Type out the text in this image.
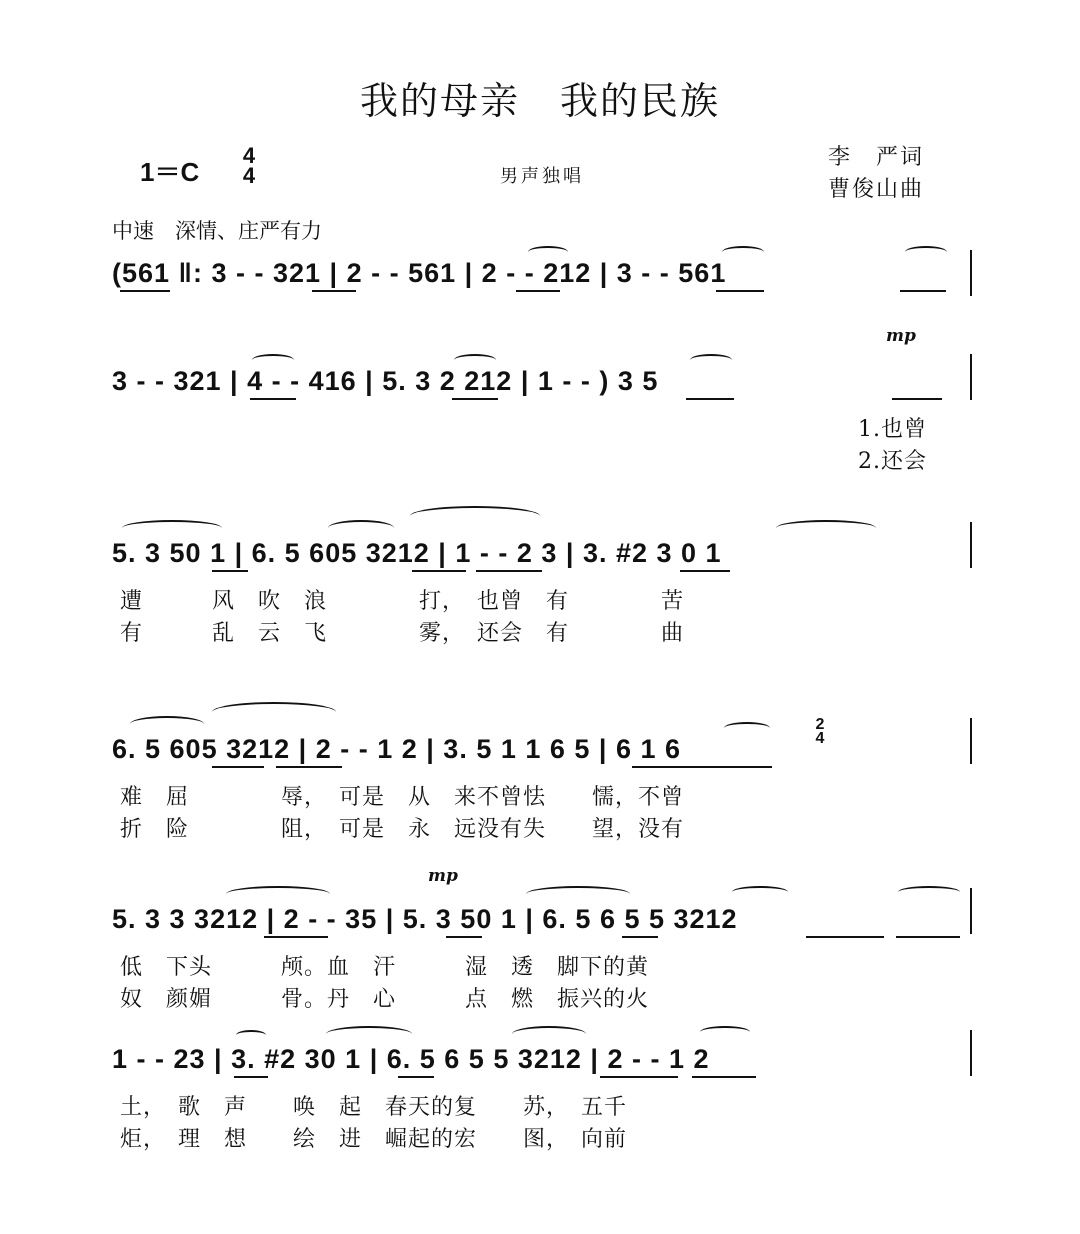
我的母亲　我的民族
1＝C
4
4	男声独唱
李　严词
曹俊山曲
中速　深情、庄严有力
(561 ‖: 3 - - 321 | 2 - - 561 | 2 - - 212 | 3 - - 561
mp
3 - - 321 | 4 - - 416 | 5. 3 2 212 | 1 - - ) 3 5
1.也曾
2.还会
5. 3 50 1 | 6. 5 605 3212 | 1 - - 2 3 | 3. #2 3 0 1
遭　　　风　吹　浪　　　　打，　也曾　有　　　　苦
有　　　乱　云　飞　　　　雾，　还会　有　　　　曲
6. 5 605 3212 | 2 - - 1 2 | 3. 5 1 1 6 5 | 6 1 6
2
4
难　屈　　　　辱，　可是　从　来不曾怯　　懦，不曾
折　险　　　　阻，　可是　永　远没有失　　望，没有
mp
5. 3 3 3212 | 2 - - 35 | 5. 3 50 1 | 6. 5 6 5 5 3212
低　下头　　　颅。血　汗　　　湿　透　脚下的黄
奴　颜媚　　　骨。丹　心　　　点　燃　振兴的火
1 - - 23 | 3. #2 30 1 | 6. 5 6 5 5 3212 | 2 - - 1 2
土，　歌　声　　唤　起　春天的复　　苏，　五千
炬，　理　想　　绘　进　崛起的宏　　图，　向前
